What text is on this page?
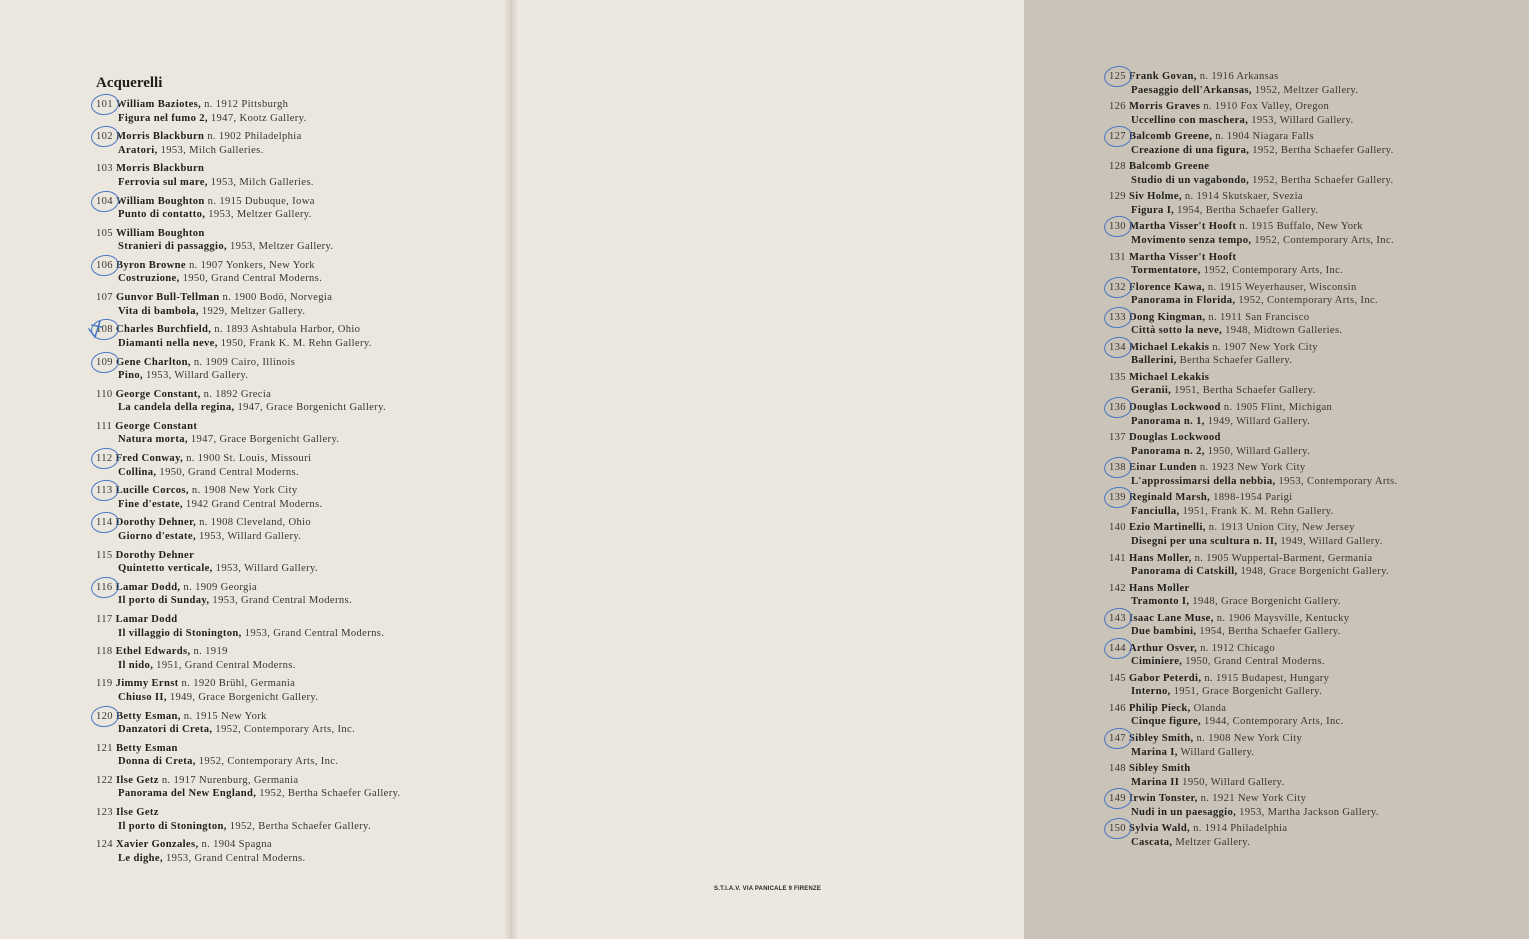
Acquerelli
101 William Baziotes, n. 1912 Pittsburgh
Figura nel fumo 2, 1947, Kootz Gallery.
102 Morris Blackburn n. 1902 Philadelphia
Aratori, 1953, Milch Galleries.
103 Morris Blackburn
Ferrovia sul mare, 1953, Milch Galleries.
104 William Boughton n. 1915 Dubuque, Iowa
Punto di contatto, 1953, Meltzer Gallery.
105 William Boughton
Stranieri di passaggio, 1953, Meltzer Gallery.
106 Byron Browne n. 1907 Yonkers, New York
Costruzione, 1950, Grand Central Moderns.
107 Gunvor Bull-Tellman n. 1900 Bodö, Norvegia
Vita di bambola, 1929, Meltzer Gallery.
108 Charles Burchfield, n. 1893 Ashtabula Harbor, Ohio
Diamanti nella neve, 1950, Frank K. M. Rehn Gallery.
109 Gene Charlton, n. 1909 Cairo, Illinois
Pino, 1953, Willard Gallery.
110 George Constant, n. 1892 Grecia
La candela della regina, 1947, Grace Borgenicht Gallery.
111 George Constant
Natura morta, 1947, Grace Borgenicht Gallery.
112 Fred Conway, n. 1900 St. Louis, Missouri
Collina, 1950, Grand Central Moderns.
113 Lucille Corcos, n. 1908 New York City
Fine d'estate, 1942 Grand Central Moderns.
114 Dorothy Dehner, n. 1908 Cleveland, Ohio
Giorno d'estate, 1953, Willard Gallery.
115 Dorothy Dehner
Quintetto verticale, 1953, Willard Gallery.
116 Lamar Dodd, n. 1909 Georgia
Il porto di Sunday, 1953, Grand Central Moderns.
117 Lamar Dodd
Il villaggio di Stonington, 1953, Grand Central Moderns.
118 Ethel Edwards, n. 1919
Il nido, 1951, Grand Central Moderns.
119 Jimmy Ernst n. 1920 Brühl, Germania
Chiuso II, 1949, Grace Borgenicht Gallery.
120 Betty Esman, n. 1915 New York
Danzatori di Creta, 1952, Contemporary Arts, Inc.
121 Betty Esman
Donna di Creta, 1952, Contemporary Arts, Inc.
122 Ilse Getz n. 1917 Nurenburg, Germania
Panorama del New England, 1952, Bertha Schaefer Gallery.
123 Ilse Getz
Il porto di Stonington, 1952, Bertha Schaefer Gallery.
124 Xavier Gonzales, n. 1904 Spagna
Le dighe, 1953, Grand Central Moderns.
125 Frank Govan, n. 1916 Arkansas
Paesaggio dell'Arkansas, 1952, Meltzer Gallery.
126 Morris Graves n. 1910 Fox Valley, Oregon
Uccellino con maschera, 1953, Willard Gallery.
127 Balcomb Greene, n. 1904 Niagara Falls
Creazione di una figura, 1952, Bertha Schaefer Gallery.
128 Balcomb Greene
Studio di un vagabondo, 1952, Bertha Schaefer Gallery.
129 Siv Holme, n. 1914 Skutskaer, Svezia
Figura I, 1954, Bertha Schaefer Gallery.
130 Martha Visser't Hooft n. 1915 Buffalo, New York
Movimento senza tempo, 1952, Contemporary Arts, Inc.
131 Martha Visser't Hooft
Tormentatore, 1952, Contemporary Arts, Inc.
132 Florence Kawa, n. 1915 Weyerhauser, Wisconsin
Panorama in Florida, 1952, Contemporary Arts, Inc.
133 Dong Kingman, n. 1911 San Francisco
Città sotto la neve, 1948, Midtown Galleries.
134 Michael Lekakis n. 1907 New York City
Ballerini, Bertha Schaefer Gallery.
135 Michael Lekakis
Geranii, 1951, Bertha Schaefer Gallery.
136 Douglas Lockwood n. 1905 Flint, Michigan
Panorama n. 1, 1949, Willard Gallery.
137 Douglas Lockwood
Panorama n. 2, 1950, Willard Gallery.
138 Einar Lunden n. 1923 New York City
L'approssimarsi della nebbia, 1953, Contemporary Arts.
139 Reginald Marsh, 1898-1954 Parigi
Fanciulla, 1951, Frank K. M. Rehn Gallery.
140 Ezio Martinelli, n. 1913 Union City, New Jersey
Disegni per una scultura n. II, 1949, Willard Gallery.
141 Hans Moller, n. 1905 Wuppertal-Barment, Germania
Panorama di Catskill, 1948, Grace Borgenicht Gallery.
142 Hans Moller
Tramonto I, 1948, Grace Borgenicht Gallery.
143 Isaac Lane Muse, n. 1906 Maysville, Kentucky
Due bambini, 1954, Bertha Schaefer Gallery.
144 Arthur Osver, n. 1912 Chicago
Ciminiere, 1950, Grand Central Moderns.
145 Gabor Peterdi, n. 1915 Budapest, Hungary
Interno, 1951, Grace Borgenicht Gallery.
146 Philip Pieck, Olanda
Cinque figure, 1944, Contemporary Arts, Inc.
147 Sibley Smith, n. 1908 New York City
Marina I, Willard Gallery.
148 Sibley Smith
Marina II 1950, Willard Gallery.
149 Irwin Tonster, n. 1921 New York City
Nudi in un paesaggio, 1953, Martha Jackson Gallery.
150 Sylvia Wald, n. 1914 Philadelphia
Cascata, Meltzer Gallery.
S.T.I.A.V. VIA PANICALE 9 FIRENZE
